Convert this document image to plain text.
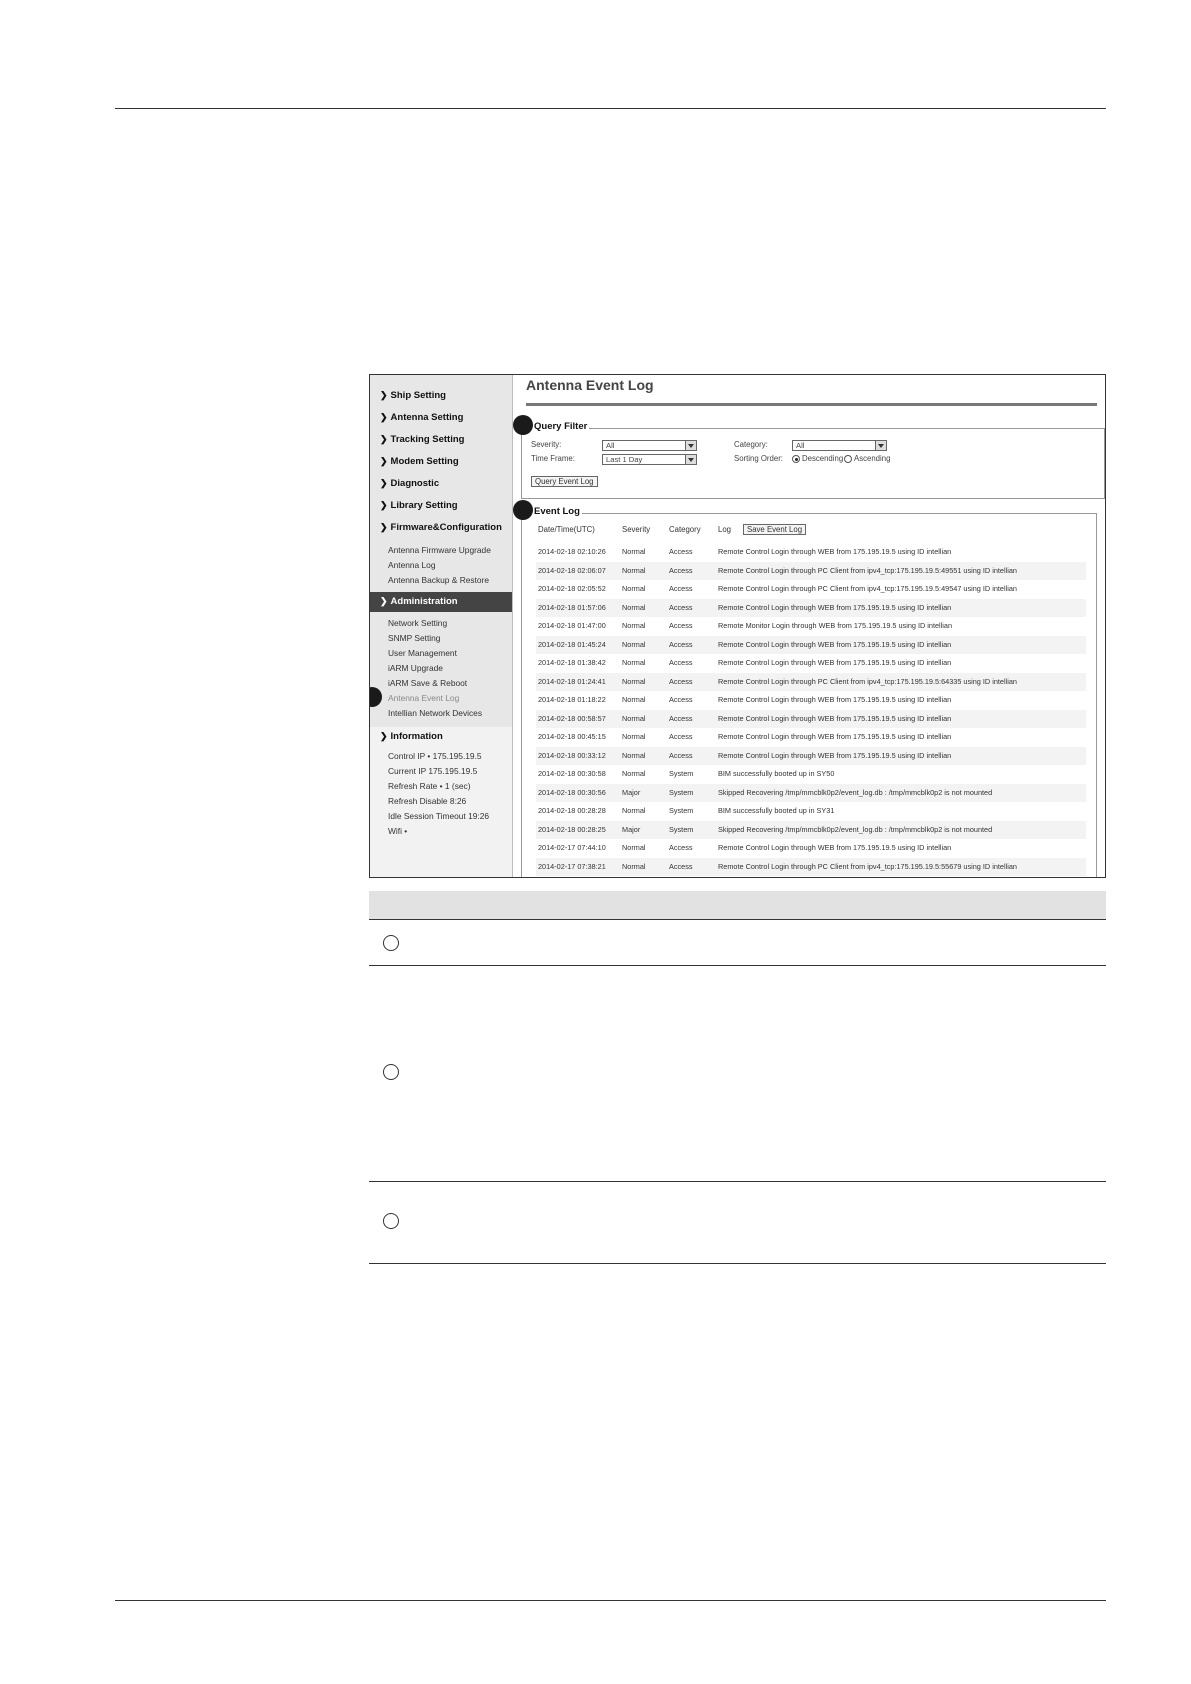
❯ Ship Setting
❯ Antenna Setting
❯ Tracking Setting
❯ Modem Setting
❯ Diagnostic
❯ Library Setting
❯ Firmware&Configuration
Antenna Firmware Upgrade
Antenna Log
Antenna Backup & Restore
❯ Administration
Network Setting
SNMP Setting
User Management
iARM Upgrade
iARM Save & Reboot
Antenna Event Log
Intellian Network Devices
❯ Information
Control IP • 175.195.19.5
Current IP 175.195.19.5
Refresh Rate • 1 (sec)
Refresh Disable 8:26
Idle Session Timeout 19:26
Wifi •
Antenna Event Log
Query Filter
Severity:	All
Time Frame:	Last 1 Day
Category:	All
Sorting Order: Descending Ascending
Query Event Log
Event Log
Date/Time(UTC)	Severity Category Log	Save Event Log
2014-02-18 02:10:26 Normal	Access	Remote Control Login through WEB from 175.195.19.5 using ID intellian
2014-02-18 02:06:07 Normal	Access	Remote Control Login through PC Client from ipv4_tcp:175.195.19.5:49551 using ID intellian
2014-02-18 02:05:52 Normal	Access	Remote Control Login through PC Client from ipv4_tcp:175.195.19.5:49547 using ID intellian
2014-02-18 01:57:06 Normal	Access	Remote Control Login through WEB from 175.195.19.5 using ID intellian
2014-02-18 01:47:00 Normal	Access	Remote Monitor Login through WEB from 175.195.19.5 using ID intellian
2014-02-18 01:45:24 Normal	Access	Remote Control Login through WEB from 175.195.19.5 using ID intellian
2014-02-18 01:38:42 Normal	Access	Remote Control Login through WEB from 175.195.19.5 using ID intellian
2014-02-18 01:24:41 Normal	Access	Remote Control Login through PC Client from ipv4_tcp:175.195.19.5:64335 using ID intellian
2014-02-18 01:18:22 Normal	Access	Remote Control Login through WEB from 175.195.19.5 using ID intellian
2014-02-18 00:58:57 Normal	Access	Remote Control Login through WEB from 175.195.19.5 using ID intellian
2014-02-18 00:45:15 Normal	Access	Remote Control Login through WEB from 175.195.19.5 using ID intellian
2014-02-18 00:33:12 Normal	Access	Remote Control Login through WEB from 175.195.19.5 using ID intellian
2014-02-18 00:30:58 Normal	System	BIM successfully booted up in SY50
2014-02-18 00:30:56 Major	System	Skipped Recovering /tmp/mmcblk0p2/event_log.db : /tmp/mmcblk0p2 is not mounted
2014-02-18 00:28:28 Normal	System	BIM successfully booted up in SY31
2014-02-18 00:28:25 Major	System	Skipped Recovering /tmp/mmcblk0p2/event_log.db : /tmp/mmcblk0p2 is not mounted
2014-02-17 07:44:10 Normal	Access	Remote Control Login through WEB from 175.195.19.5 using ID intellian
2014-02-17 07:38:21 Normal	Access	Remote Control Login through PC Client from ipv4_tcp:175.195.19.5:55679 using ID intellian
